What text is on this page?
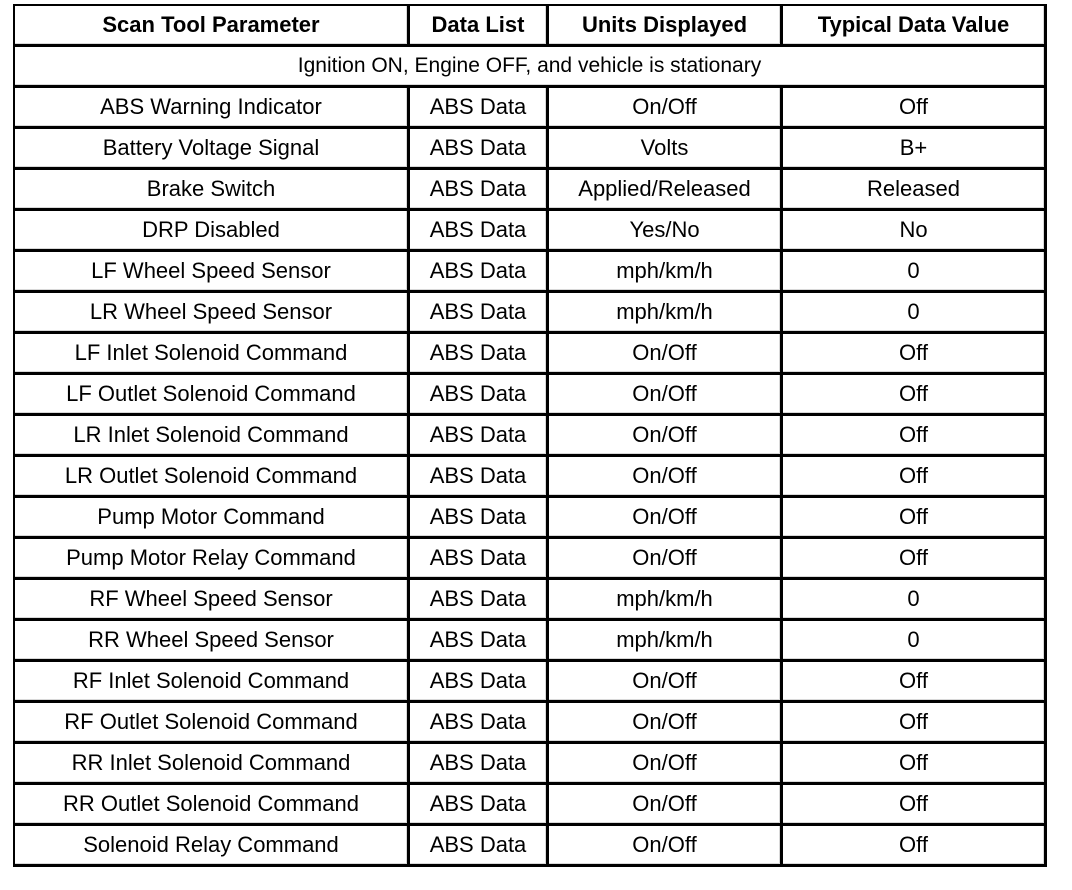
Scan Tool Parameter	Data List	Units Displayed	Typical Data Value
Ignition ON, Engine OFF, and vehicle is stationary			
ABS Warning Indicator	ABS Data	On/Off	Off
Battery Voltage Signal	ABS Data	Volts	B+
Brake Switch	ABS Data	Applied/Released	Released
DRP Disabled	ABS Data	Yes/No	No
LF Wheel Speed Sensor	ABS Data	mph/km/h	0
LR Wheel Speed Sensor	ABS Data	mph/km/h	0
LF Inlet Solenoid Command	ABS Data	On/Off	Off
LF Outlet Solenoid Command	ABS Data	On/Off	Off
LR Inlet Solenoid Command	ABS Data	On/Off	Off
LR Outlet Solenoid Command	ABS Data	On/Off	Off
Pump Motor Command	ABS Data	On/Off	Off
Pump Motor Relay Command	ABS Data	On/Off	Off
RF Wheel Speed Sensor	ABS Data	mph/km/h	0
RR Wheel Speed Sensor	ABS Data	mph/km/h	0
RF Inlet Solenoid Command	ABS Data	On/Off	Off
RF Outlet Solenoid Command	ABS Data	On/Off	Off
RR Inlet Solenoid Command	ABS Data	On/Off	Off
RR Outlet Solenoid Command	ABS Data	On/Off	Off
Solenoid Relay Command	ABS Data	On/Off	Off
